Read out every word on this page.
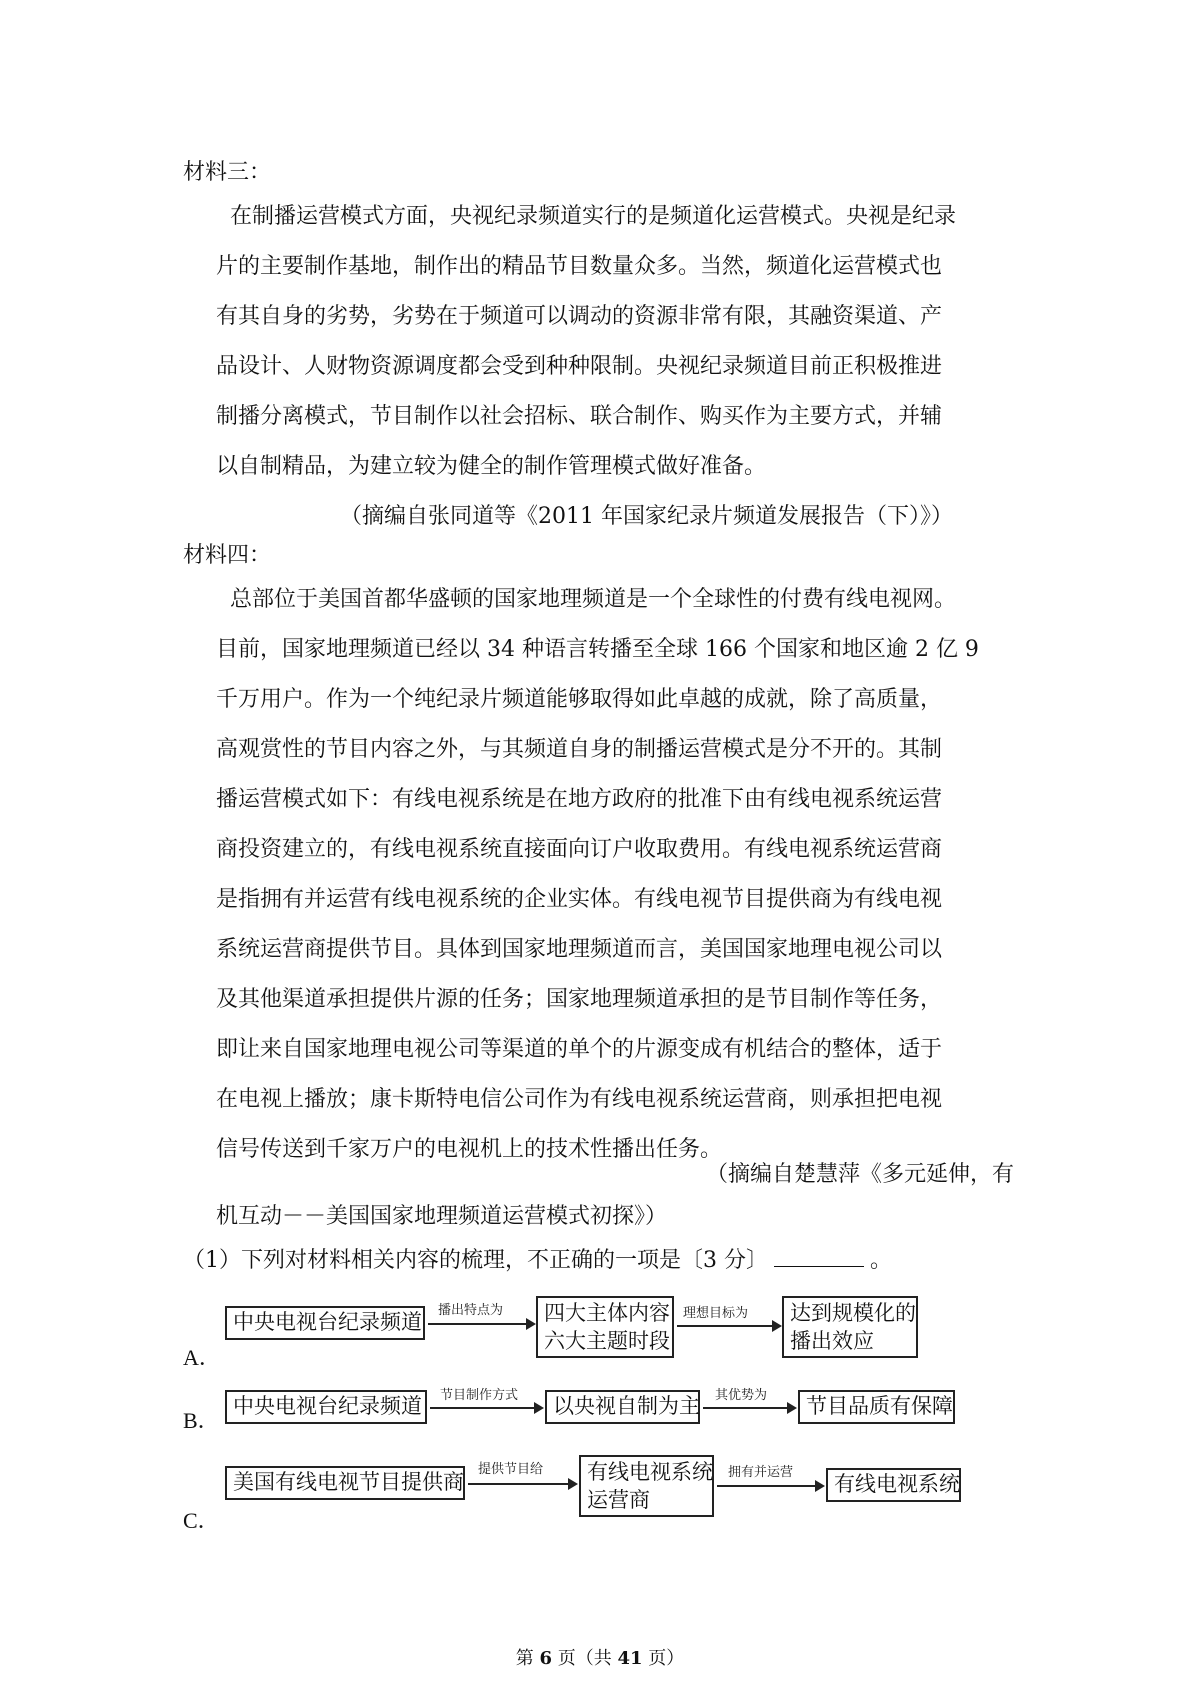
材料三：
在制播运营模式方面，央视纪录频道实行的是频道化运营模式。央视是纪录
片的主要制作基地，制作出的精品节目数量众多。当然，频道化运营模式也
有其自身的劣势，劣势在于频道可以调动的资源非常有限，其融资渠道、产
品设计、人财物资源调度都会受到种种限制。央视纪录频道目前正积极推进
制播分离模式，节目制作以社会招标、联合制作、购买作为主要方式，并辅
以自制精品，为建立较为健全的制作管理模式做好准备。
（摘编自张同道等《2011 年国家纪录片频道发展报告（下）》）
材料四：
总部位于美国首都华盛顿的国家地理频道是一个全球性的付费有线电视网。
目前，国家地理频道已经以 34 种语言转播至全球 166 个国家和地区逾 2 亿 9
千万用户。作为一个纯纪录片频道能够取得如此卓越的成就，除了高质量，
高观赏性的节目内容之外，与其频道自身的制播运营模式是分不开的。其制
播运营模式如下：有线电视系统是在地方政府的批准下由有线电视系统运营
商投资建立的，有线电视系统直接面向订户收取费用。有线电视系统运营商
是指拥有并运营有线电视系统的企业实体。有线电视节目提供商为有线电视
系统运营商提供节目。具体到国家地理频道而言，美国国家地理电视公司以
及其他渠道承担提供片源的任务；国家地理频道承担的是节目制作等任务，
即让来自国家地理电视公司等渠道的单个的片源变成有机结合的整体，适于
在电视上播放；康卡斯特电信公司作为有线电视系统运营商，则承担把电视
信号传送到千家万户的电视机上的技术性播出任务。
（摘编自楚慧萍《多元延伸，有
机互动－－美国国家地理频道运营模式初探》）
（1）下列对材料相关内容的梳理，不正确的一项是〔3 分〕	。
A．
中央电视台纪录频道 播出特点为 四大主体内容
六大主题时段
理想目标为 达到规模化的
播出效应
B．
中央电视台纪录频道	节目制作方式	以央视自制为主 其优势为	节目品质有保障
C．
美国有线电视节目提供商
提供节目给 有线电视系统
运营商
拥有并运营	有线电视系统
第 6 页（共 41 页）
